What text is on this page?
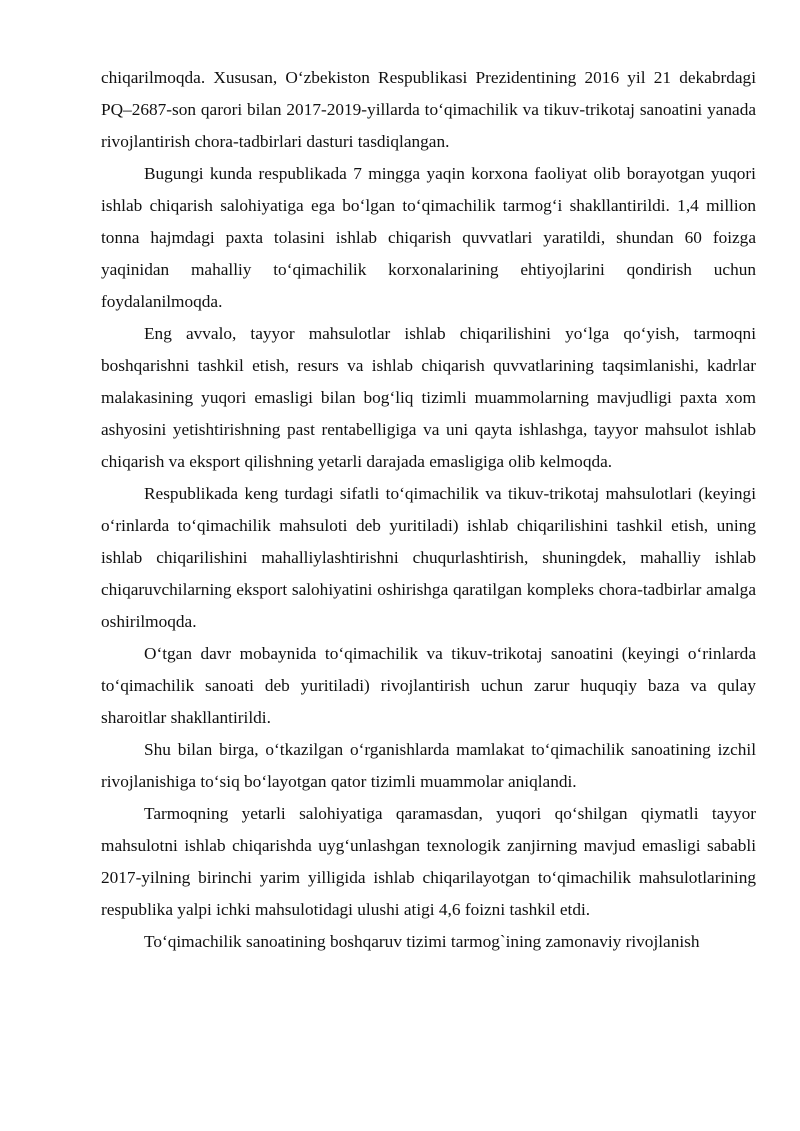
chiqarilmoqda. Xususan, O‘zbekiston Respublikasi Prezidentining 2016 yil 21 dekabrdagi PQ–2687-son qarori bilan 2017-2019-yillarda to‘qimachilik va tikuv-trikotaj sanoatini yanada rivojlantirish chora-tadbirlari dasturi tasdiqlangan.

Bugungi kunda respublikada 7 mingga yaqin korxona faoliyat olib borayotgan yuqori ishlab chiqarish salohiyatiga ega bo‘lgan to‘qimachilik tarmog‘i shakllantirildi. 1,4 million tonna hajmdagi paxta tolasini ishlab chiqarish quvvatlari yaratildi, shundan 60 foizga yaqinidan mahalliy to‘qimachilik korxonalarining ehtiyojlarini qondirish uchun foydalanilmoqda.

Eng avvalo, tayyor mahsulotlar ishlab chiqarilishini yo‘lga qo‘yish, tarmoqni boshqarishni tashkil etish, resurs va ishlab chiqarish quvvatlarining taqsimlanishi, kadrlar malakasining yuqori emasligi bilan bog‘liq tizimli muammolarning mavjudligi paxta xom ashyosini yetishtirishning past rentabelligiga va uni qayta ishlashga, tayyor mahsulot ishlab chiqarish va eksport qilishning yetarli darajada emasligiga olib kelmoqda.

Respublikada keng turdagi sifatli to‘qimachilik va tikuv-trikotaj mahsulotlari (keyingi o‘rinlarda to‘qimachilik mahsuloti deb yuritiladi) ishlab chiqarilishini tashkil etish, uning ishlab chiqarilishini mahalliylashtirishni chuqurlashtirish, shuningdek, mahalliy ishlab chiqaruvchilarning eksport salohiyatini oshirishga qaratilgan kompleks chora-tadbirlar amalga oshirilmoqda.

O‘tgan davr mobaynida to‘qimachilik va tikuv-trikotaj sanoatini (keyingi o‘rinlarda to‘qimachilik sanoati deb yuritiladi) rivojlantirish uchun zarur huquqiy baza va qulay sharoitlar shakllantirildi.

Shu bilan birga, o‘tkazilgan o‘rganishlarda mamlakat to‘qimachilik sanoatining izchil rivojlanishiga to‘siq bo‘layotgan qator tizimli muammolar aniqlandi.

Tarmoqning yetarli salohiyatiga qaramasdan, yuqori qo‘shilgan qiymatli tayyor mahsulotni ishlab chiqarishda uyg‘unlashgan texnologik zanjirning mavjud emasligi sababli 2017-yilning birinchi yarim yilligida ishlab chiqarilayotgan to‘qimachilik mahsulotlarining respublika yalpi ichki mahsulotidagi ulushi atigi 4,6 foizni tashkil etdi.

To‘qimachilik sanoatining boshqaruv tizimi tarmog`ining zamonaviy rivojlanish
